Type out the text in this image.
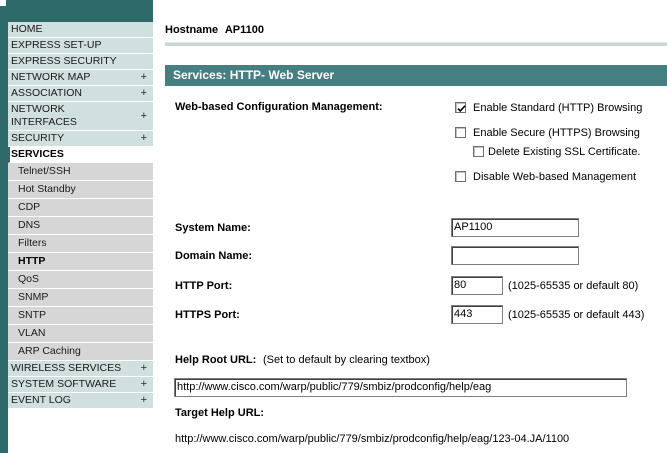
HOME
EXPRESS SET-UP
EXPRESS SECURITY
NETWORK MAP	+
ASSOCIATION	+
NETWORK INTERFACES	+
SECURITY	+
SERVICES
Telnet/SSH
Hot Standby
CDP
DNS
Filters
HTTP
QoS
SNMP
SNTP
VLAN
ARP Caching
WIRELESS SERVICES +
SYSTEM SOFTWARE +
EVENT LOG	+
Hostname AP1100
Services: HTTP- Web Server
Web-based Configuration Management:	Enable Standard (HTTP) Browsing
Enable Secure (HTTPS) Browsing
Delete Existing SSL Certificate.
Disable Web-based Management
System Name:	AP1100
Domain Name:
HTTP Port:	80	(1025-65535 or default 80)
HTTPS Port:	443	(1025-65535 or default 443)
Help Root URL: (Set to default by clearing textbox)
http://www.cisco.com/warp/public/779/smbiz/prodconfig/help/eag
Target Help URL:
http://www.cisco.com/warp/public/779/smbiz/prodconfig/help/eag/123-04.JA/1100
